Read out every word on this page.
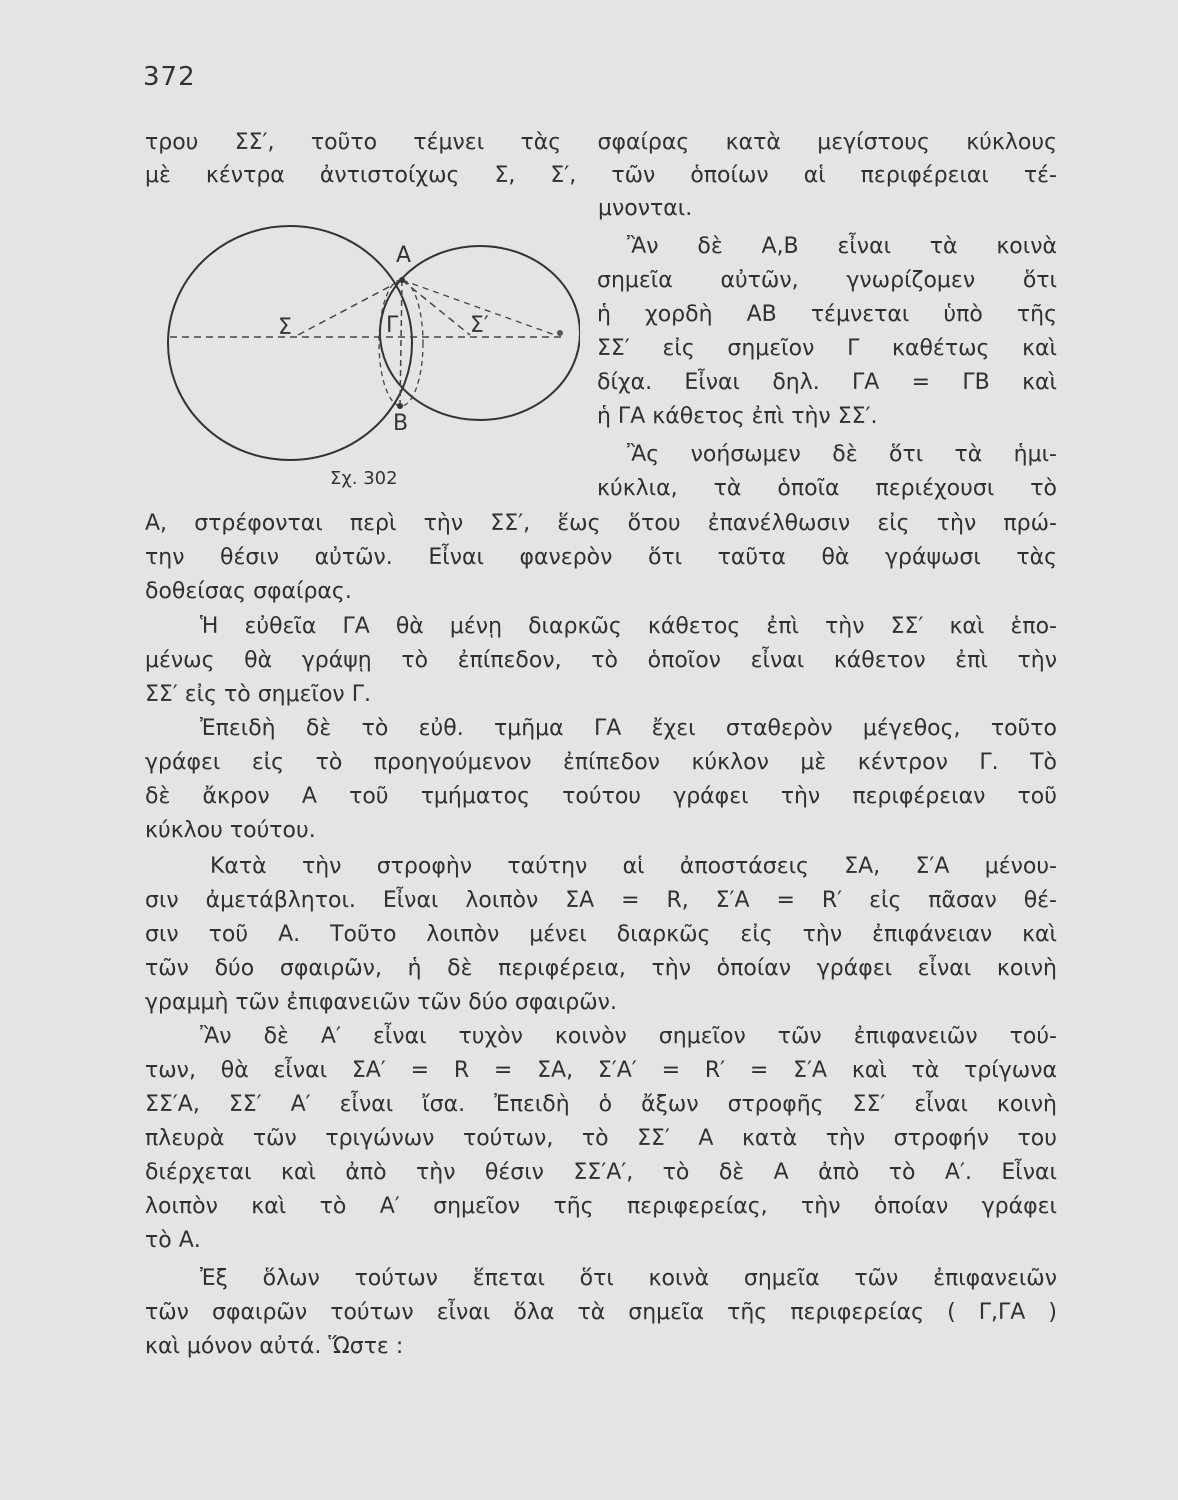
372
A
B
Σ	Γ	Σ′
Σχ. 302
τρου ΣΣ′, τοῦτο τέμνει τὰς σφαίρας κατὰ μεγίστους κύκλους
μὲ κέντρα ἀντιστοίχως Σ, Σ′, τῶν ὁποίων αἱ περιφέρειαι τέ-
μνονται.
Ἂν δὲ Α,Β εἶναι τὰ κοινὰ
σημεῖα αὐτῶν, γνωρίζομεν ὅτι
ἡ χορδὴ ΑΒ τέμνεται ὑπὸ τῆς
ΣΣ′ εἰς σημεῖον Γ καθέτως καὶ
δίχα. Εἶναι δηλ. ΓΑ = ΓΒ καὶ
ἡ ΓΑ κάθετος ἐπὶ τὴν ΣΣ′.
Ἂς νοήσωμεν δὲ ὅτι τὰ ἡμι-
κύκλια, τὰ ὁποῖα περιέχουσι τὸ
Α, στρέφονται περὶ τὴν ΣΣ′, ἕως ὅτου ἐπανέλθωσιν εἰς τὴν πρώ-
την θέσιν αὐτῶν. Εἶναι φανερὸν ὅτι ταῦτα θὰ γράψωσι τὰς
δοθείσας σφαίρας.
Ἡ εὐθεῖα ΓΑ θὰ μένῃ διαρκῶς κάθετος ἐπὶ τὴν ΣΣ′ καὶ ἑπο-
μένως θὰ γράψῃ τὸ ἐπίπεδον, τὸ ὁποῖον εἶναι κάθετον ἐπὶ τὴν
ΣΣ′ εἰς τὸ σημεῖον Γ.
Ἐπειδὴ δὲ τὸ εὐθ. τμῆμα ΓΑ ἔχει σταθερὸν μέγεθος, τοῦτο
γράφει εἰς τὸ προηγούμενον ἐπίπεδον κύκλον μὲ κέντρον Γ. Τὸ
δὲ ἄκρον Α τοῦ τμήματος τούτου γράφει τὴν περιφέρειαν τοῦ
κύκλου τούτου.
Κατὰ τὴν στροφὴν ταύτην αἱ ἀποστάσεις ΣΑ, Σ′Α μένου-
σιν ἀμετάβλητοι. Εἶναι λοιπὸν ΣΑ = R, Σ′Α = R′ εἰς πᾶσαν θέ-
σιν τοῦ Α. Τοῦτο λοιπὸν μένει διαρκῶς εἰς τὴν ἐπιφάνειαν καὶ
τῶν δύο σφαιρῶν, ἡ δὲ περιφέρεια, τὴν ὁποίαν γράφει εἶναι κοινὴ
γραμμὴ τῶν ἐπιφανειῶν τῶν δύο σφαιρῶν.
Ἂν δὲ Α′ εἶναι τυχὸν κοινὸν σημεῖον τῶν ἐπιφανειῶν τού-
των, θὰ εἶναι ΣΑ′ = R = ΣΑ, Σ′Α′ = R′ = Σ′Α καὶ τὰ τρίγωνα
ΣΣ′Α, ΣΣ′ Α′ εἶναι ἴσα. Ἐπειδὴ ὁ ἄξων στροφῆς ΣΣ′ εἶναι κοινὴ
πλευρὰ τῶν τριγώνων τούτων, τὸ ΣΣ′ Α κατὰ τὴν στροφήν του
διέρχεται καὶ ἀπὸ τὴν θέσιν ΣΣ′Α′, τὸ δὲ Α ἀπὸ τὸ Α′. Εἶναι
λοιπὸν καὶ τὸ Α′ σημεῖον τῆς περιφερείας, τὴν ὁποίαν γράφει
τὸ Α.
Ἐξ ὅλων τούτων ἕπεται ὅτι κοινὰ σημεῖα τῶν ἐπιφανειῶν
τῶν σφαιρῶν τούτων εἶναι ὅλα τὰ σημεῖα τῆς περιφερείας ( Γ,ΓΑ )
καὶ μόνον αὐτά. Ὥστε :
